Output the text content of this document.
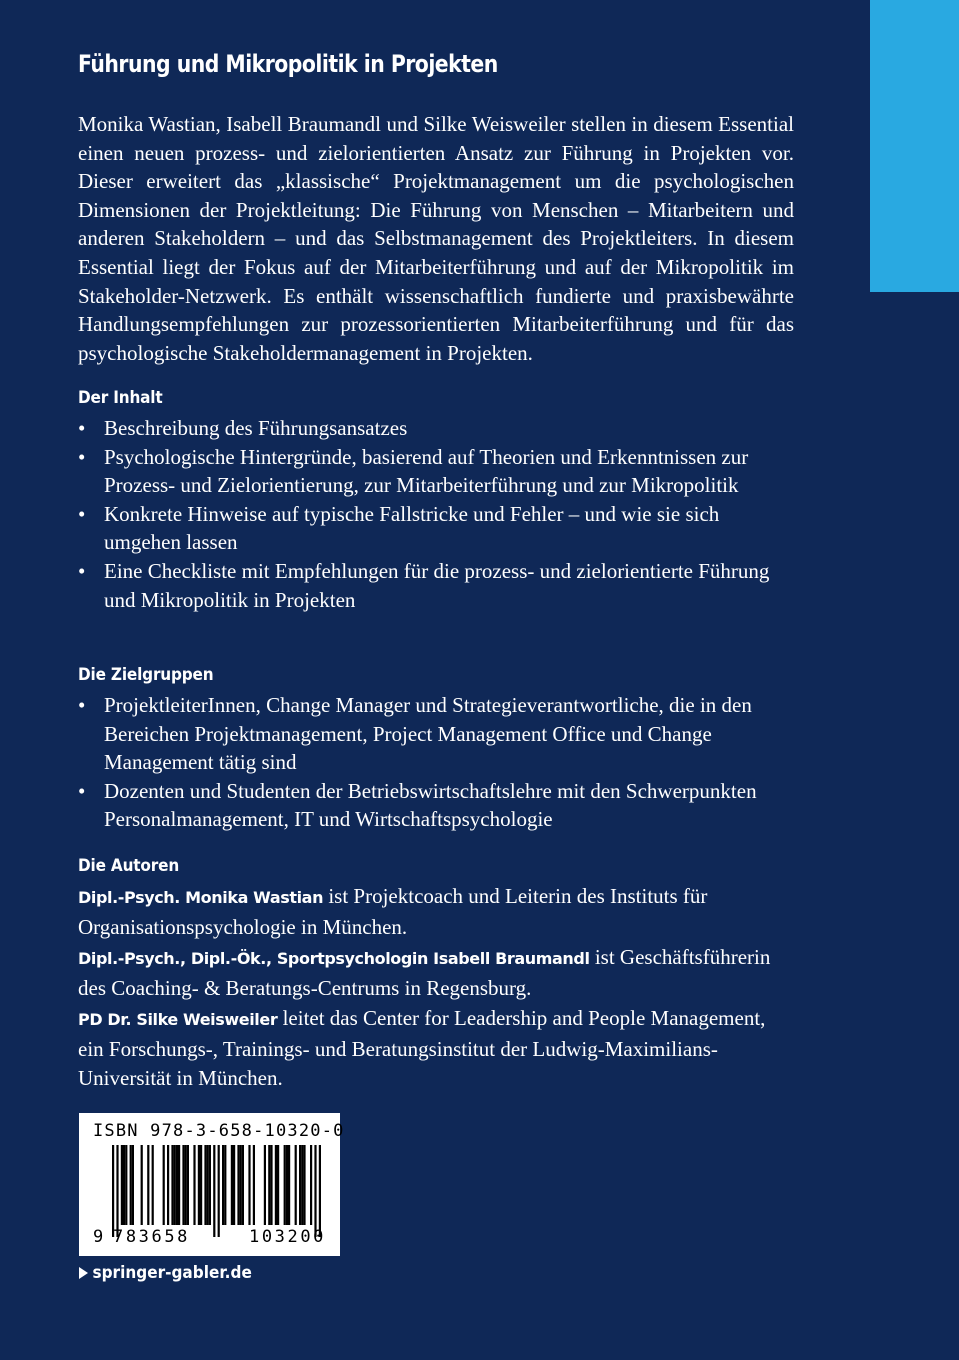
Führung und Mikropolitik in Projekten

Monika Wastian, Isabell Braumandl und Silke Weisweiler stellen in diesem Essential einen neuen prozess- und zielorientierten Ansatz zur Führung in Projekten vor. Dieser erweitert das „klassische“ Projektmanagement um die psychologischen Dimensionen der Projektleitung: Die Führung von Menschen – Mitarbeitern und anderen Stakeholdern – und das Selbstmanagement des Projektleiters. In diesem Essential liegt der Fokus auf der Mitarbeiterführung und auf der Mikropolitik im Stakeholder-Netzwerk. Es enthält wissenschaftlich fundierte und praxisbewährte Handlungsempfehlungen zur prozessorientierten Mitarbeiterführung und für das psychologische Stakeholdermanagement in Projekten.

Der Inhalt
• Beschreibung des Führungsansatzes
• Psychologische Hintergründe, basierend auf Theorien und Erkenntnissen zur Prozess- und Zielorientierung, zur Mitarbeiterführung und zur Mikropolitik
• Konkrete Hinweise auf typische Fallstricke und Fehler – und wie sie sich umgehen lassen
• Eine Checkliste mit Empfehlungen für die prozess- und zielorientierte Führung und Mikropolitik in Projekten
Die Zielgruppen
• ProjektleiterInnen, Change Manager und Strategieverantwortliche, die in den Bereichen Projektmanagement, Project Management Office und Change Management tätig sind
• Dozenten und Studenten der Betriebswirtschaftslehre mit den Schwerpunkten Personalmanagement, IT und Wirtschaftspsychologie
Die Autoren

Dipl.-Psych. Monika Wastian ist Projektcoach und Leiterin des Instituts für Organisationspsychologie in München.

Dipl.-Psych., Dipl.-Ök., Sportpsychologin Isabell Braumandl ist Geschäftsführerin des Coaching- & Beratungs-Centrums in Regensburg.

PD Dr. Silke Weisweiler leitet das Center for Leadership and People Management, ein Forschungs-, Trainings- und Beratungsinstitut der Ludwig-Maximilians-Universität in München.

ISBN 978-3-658-10320-0
9 783658	103200
springer-gabler.de
